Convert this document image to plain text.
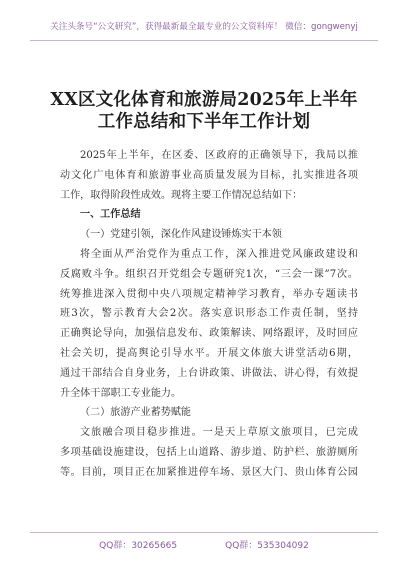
关注头条号“公文研究”，获得最新最全最专业的公文资料库！ 微信：gongwenyj
XX区文化体育和旅游局2025年上半年
工作总结和下半年工作计划
2025年上半年，在区委、区政府的正确领导下，我局以推
动文化广电体育和旅游事业高质量发展为目标，扎实推进各项
工作，取得阶段性成效。现将主要工作情况总结如下：
一、工作总结
（一）党建引领，深化作风建设锤炼实干本领
将全面从严治党作为重点工作，深入推进党风廉政建设和
反腐败斗争。组织召开党组会专题研究1次，“三会一课”7次。
统筹推进深入贯彻中央八项规定精神学习教育，举办专题读书
班3次，警示教育大会2次。落实意识形态工作责任制，坚持
正确舆论导向，加强信息发布、政策解读、网络跟评，及时回应
社会关切，提高舆论引导水平。开展文体旅大讲堂活动6期，
通过干部结合自身业务，上台讲政策、讲做法、讲心得，有效提
升全体干部职工专业能力。
（二）旅游产业蓄势赋能
文旅融合项目稳步推进。一是天上草原文旅项目，已完成
多项基础设施建设，包括上山道路、游步道、防护栏、旅游厕所
等。目前，项目正在加紧推进停车场、景区大门、贵山体育公园
QQ群：30265665	QQ群：535304092
